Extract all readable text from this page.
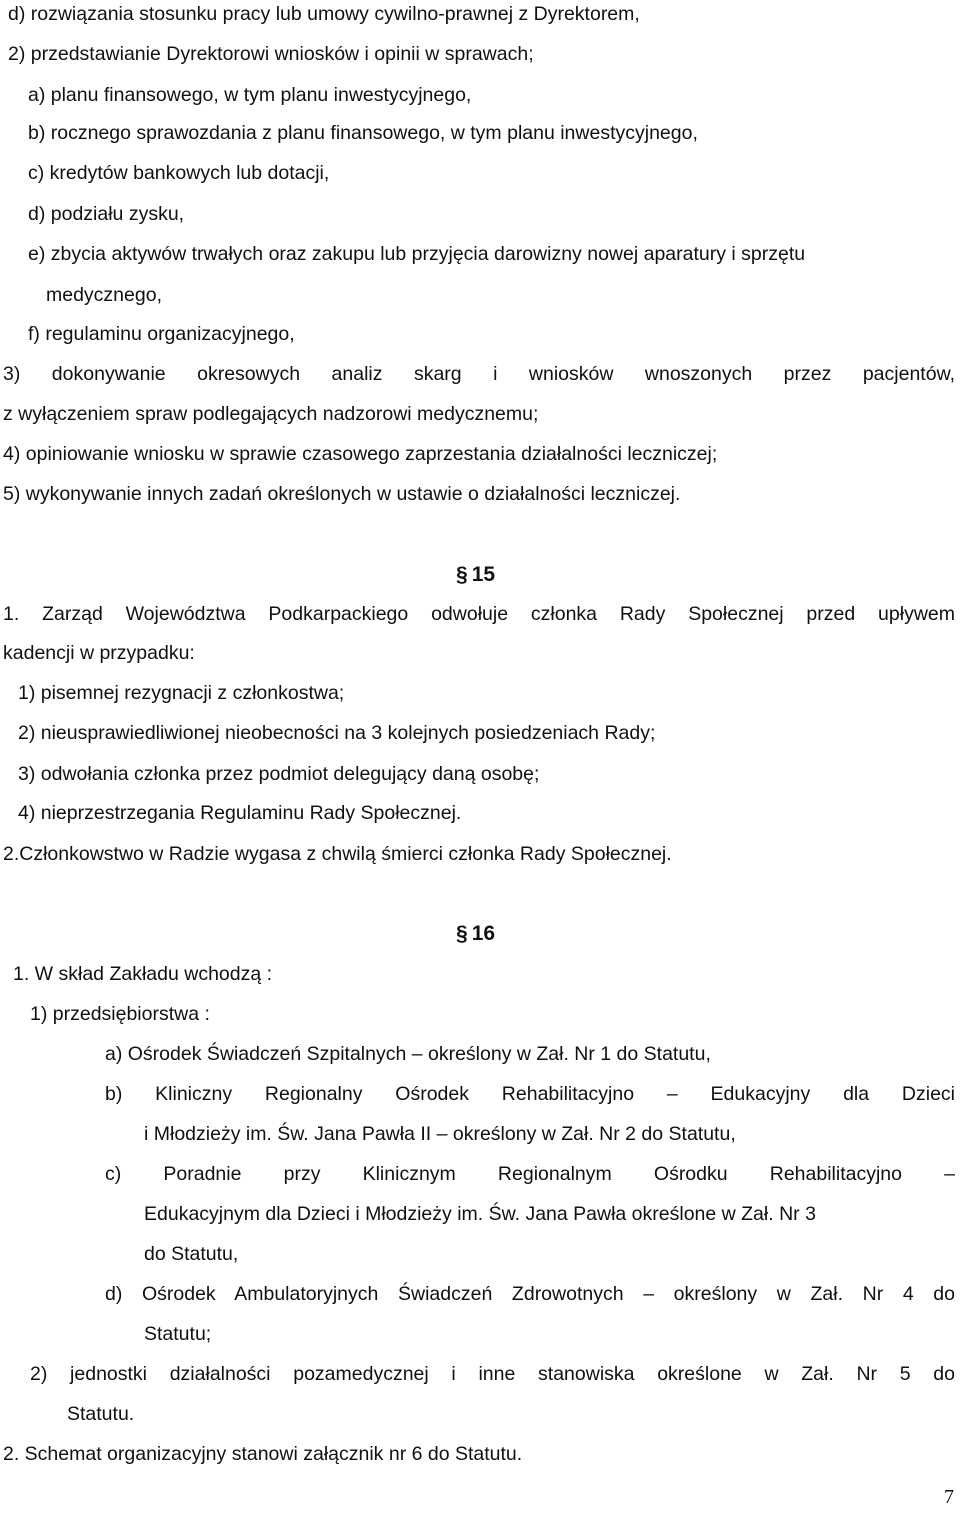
d) rozwiązania stosunku pracy lub umowy cywilno-prawnej z Dyrektorem,
2) przedstawianie Dyrektorowi wniosków i opinii w sprawach;
a) planu finansowego, w tym planu inwestycyjnego,
b) rocznego sprawozdania z planu finansowego, w tym planu inwestycyjnego,
c) kredytów bankowych lub dotacji,
d) podziału zysku,
e) zbycia aktywów trwałych oraz zakupu lub przyjęcia darowizny nowej aparatury i sprzętu
medycznego,
f) regulaminu organizacyjnego,
3) dokonywanie okresowych analiz skarg i wniosków wnoszonych przez pacjentów,
z wyłączeniem spraw podlegających nadzorowi medycznemu;
4) opiniowanie wniosku w sprawie czasowego zaprzestania działalności leczniczej;
5) wykonywanie innych zadań określonych w ustawie o działalności leczniczej.
§ 15
1. Zarząd Województwa Podkarpackiego odwołuje członka Rady Społecznej przed upływem
kadencji w przypadku:
1) pisemnej rezygnacji z członkostwa;
2) nieusprawiedliwionej nieobecności na 3 kolejnych posiedzeniach Rady;
3) odwołania członka przez podmiot delegujący daną osobę;
4) nieprzestrzegania Regulaminu Rady Społecznej.
2.Członkowstwo w Radzie wygasa z chwilą śmierci członka Rady Społecznej.
§ 16
1. W skład Zakładu wchodzą :
1) przedsiębiorstwa :
a) Ośrodek Świadczeń Szpitalnych – określony w Zał. Nr 1 do Statutu,
b) Kliniczny Regionalny Ośrodek Rehabilitacyjno – Edukacyjny dla Dzieci
i Młodzieży im. Św. Jana Pawła II – określony w Zał. Nr 2 do Statutu,
c) Poradnie przy Klinicznym Regionalnym Ośrodku Rehabilitacyjno –
Edukacyjnym dla Dzieci i Młodzieży im. Św. Jana Pawła określone w Zał. Nr 3
do Statutu,
d) Ośrodek Ambulatoryjnych Świadczeń Zdrowotnych – określony w Zał. Nr 4 do
Statutu;
2) jednostki działalności pozamedycznej i inne stanowiska określone w Zał. Nr 5 do
Statutu.
2. Schemat organizacyjny stanowi załącznik nr 6 do Statutu.
7
